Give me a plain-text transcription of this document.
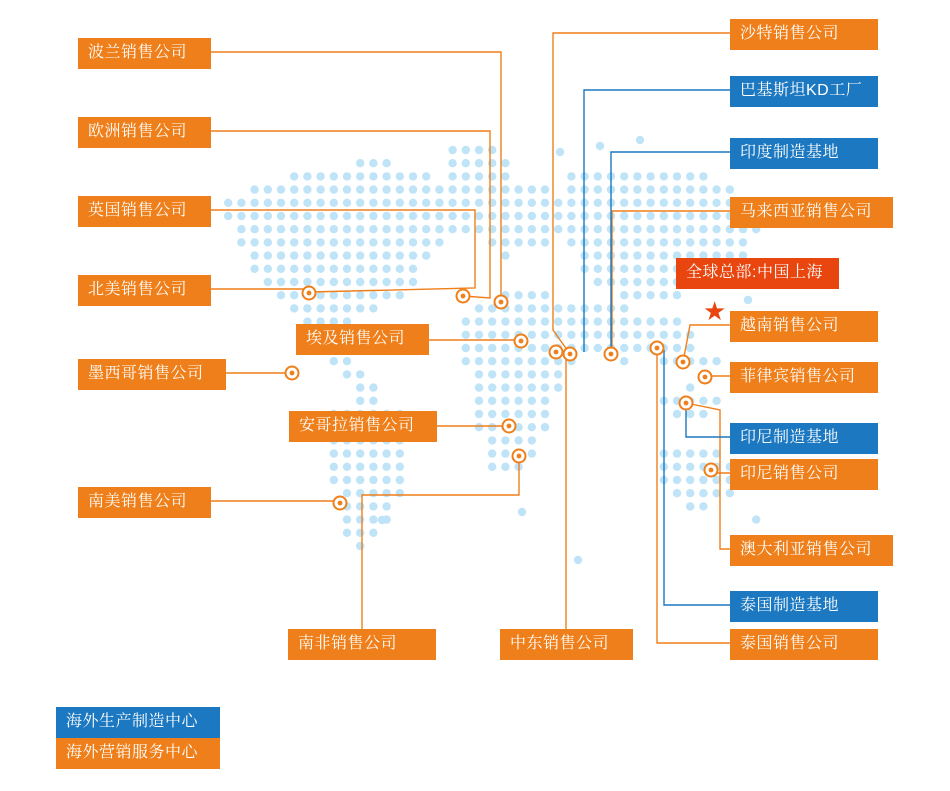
波兰销售公司
欧洲销售公司
英国销售公司
北美销售公司
墨西哥销售公司
南美销售公司
埃及销售公司
安哥拉销售公司
南非销售公司	中东销售公司
沙特销售公司
巴基斯坦KD工厂
印度制造基地
马来西亚销售公司
越南销售公司
菲律宾销售公司
印尼制造基地
印尼销售公司
澳大利亚销售公司
泰国制造基地
泰国销售公司
全球总部:中国上海
★
海外生产制造中心
海外营销服务中心
